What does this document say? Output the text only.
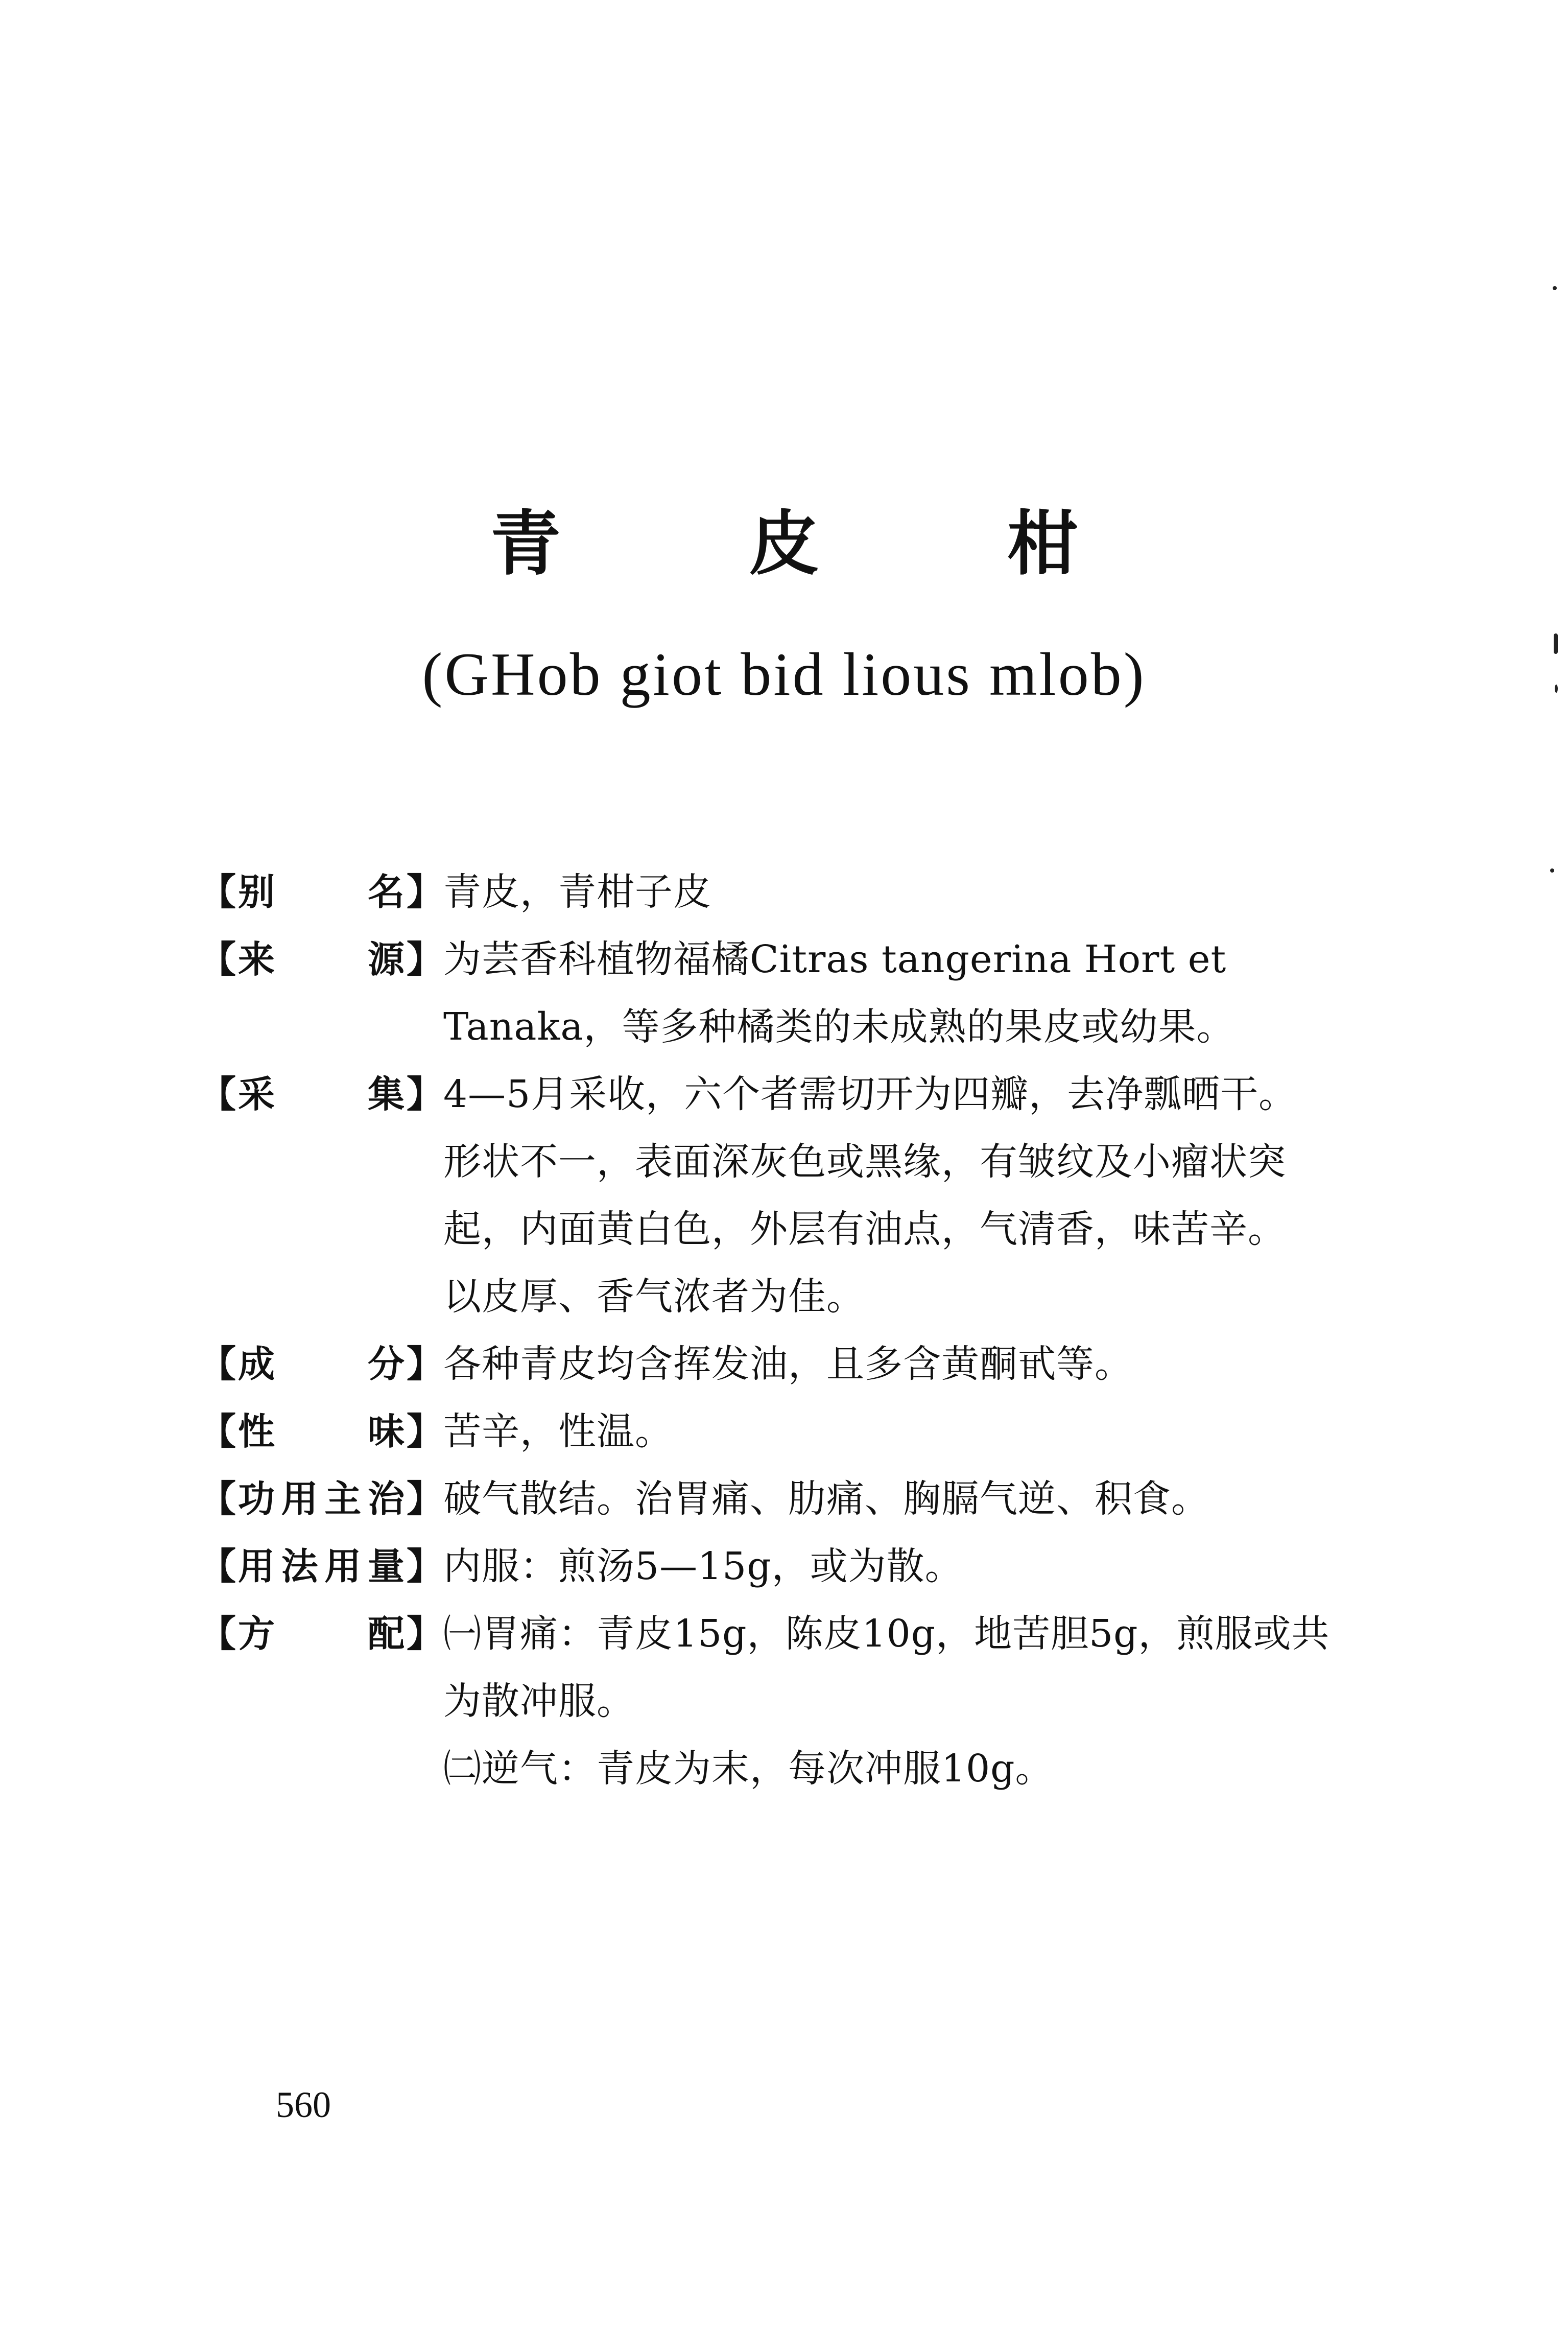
青 皮 柑
(GHob giot bid lious mlob)
【 别	名 】 青皮，青柑子皮
【 来	源 】 为芸香科植物福橘Citras tangerina Hort et
Tanaka，等多种橘类的未成熟的果皮或幼果。
【 采	集 】 4—5月采收，六个者需切开为四瓣，去净瓢晒干。
形状不一，表面深灰色或黑缘，有皱纹及小瘤状突
起，内面黄白色，外层有油点，气清香，味苦辛。
以皮厚、香气浓者为佳。
【 成	分 】 各种青皮均含挥发油，且多含黄酮甙等。
【 性	味 】 苦辛，性温。
【 功 用 主 治 】 破气散结。治胃痛、肋痛、胸膈气逆、积食。
【 用 法 用 量 】 内服：煎汤5—15g，或为散。
【 方	配 】 ㈠胃痛：青皮15g，陈皮10g，地苦胆5g，煎服或共
为散冲服。
㈡逆气：青皮为末，每次冲服10g。
560
